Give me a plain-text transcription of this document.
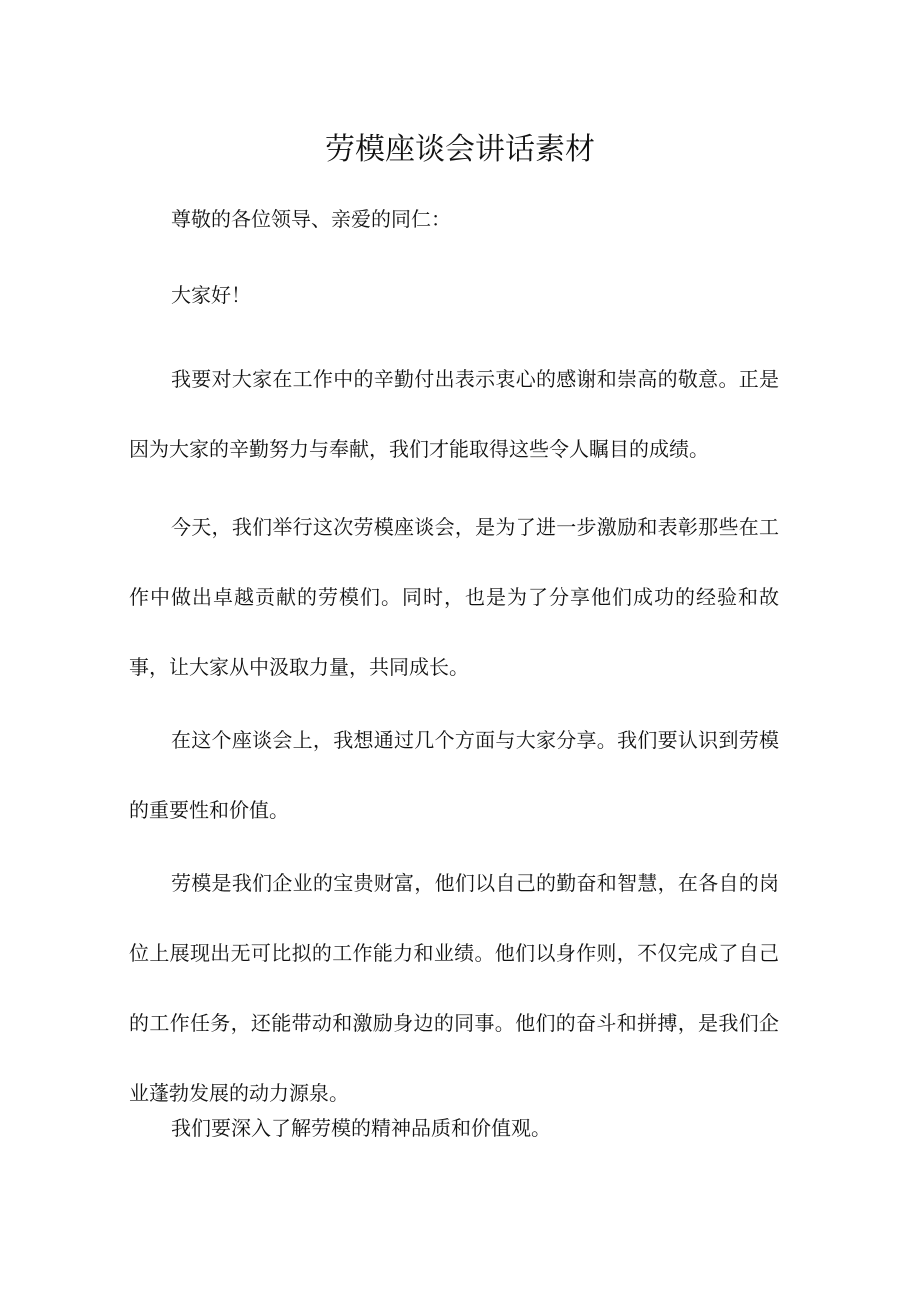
劳模座谈会讲话素材

尊敬的各位领导、亲爱的同仁：

大家好！

我要对大家在工作中的辛勤付出表示衷心的感谢和崇高的敬意。正是因为大家的辛勤努力与奉献，我们才能取得这些令人瞩目的成绩。

今天，我们举行这次劳模座谈会，是为了进一步激励和表彰那些在工作中做出卓越贡献的劳模们。同时，也是为了分享他们成功的经验和故事，让大家从中汲取力量，共同成长。

在这个座谈会上，我想通过几个方面与大家分享。我们要认识到劳模的重要性和价值。

劳模是我们企业的宝贵财富，他们以自己的勤奋和智慧，在各自的岗位上展现出无可比拟的工作能力和业绩。他们以身作则，不仅完成了自己的工作任务，还能带动和激励身边的同事。他们的奋斗和拼搏，是我们企业蓬勃发展的动力源泉。

我们要深入了解劳模的精神品质和价值观。
